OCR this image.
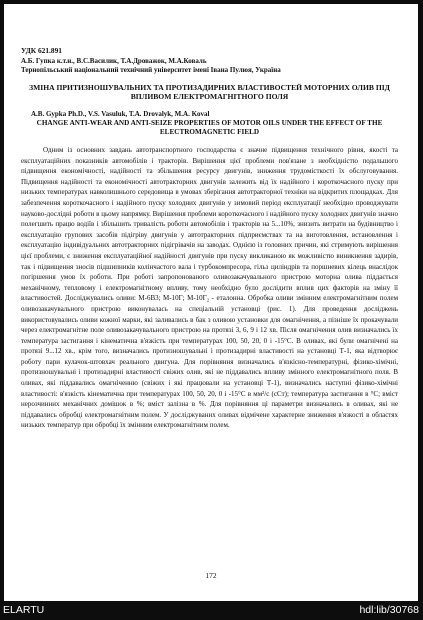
УДК 621.891

А.Б. Гупка к.т.н., В.С.Василик, Т.А.Дроважок, М.А.Коваль

Тернопільський національний технічний університет імені Івана Пулюя, Україна

ЗМІНА ПРИТИЗНОШУВАЛЬНИХ ТА ПРОТИЗАДИРНИХ ВЛАСТИВОСТЕЙ МОТОРНИХ ОЛИВ ПІД ВПЛИВОМ ЕЛЕКТРОМАГНІТНОГО ПОЛЯ

A.B. Gypka Ph.D., V.S. Vasuluk, T.A. Drovalyk, M.A. Koval

CHANGE ANTI-WEAR AND ANTI-SEIZE PROPERTIES OF MOTOR OILS UNDER THE EFFECT OF THE ELECTROMAGNETIC FIELD

Одним із основних завдань автотранспортного господарства є значне підвищення технічного рівня, якості та експлуатаційних показників автомобілів і тракторів. Вирішення цієї проблеми пов'язане з необхідністю подальшого підвищення економічності, надійності та збільшення ресурсу двигунів, зниження трудомісткості їх обслуговування. Підвищення надійності та економічності автотракторних двигунів залежить від їх надійного і короткочасного пуску при низьких температурах навколишнього середовища в умовах зберігання автотракторної техніки на відкритих площадках. Для забезпечення короткочасного і надійного пуску холодних двигунів у зимовий період експлуатації необхідно проводжувати науково-дослідні роботи в цьому напрямку. Вирішення проблеми короткочасного і надійного пуску холодних двигунів значно полегшить працю водіїв і збільшить тривалість роботи автомобілів і тракторів на 5...10%, знизить витрати на будівництво і експлуатацію групових засобів підігріву двигунів у автотракторних підприємствах та на виготовлення, встановлення і експлуатацію індивідуальних автотракторних підігрівачів на заводах. Однією із головних причин, які стримують вирішення цієї проблеми, є зниження експлуатаційної надійності двигунів при пуску викликаною як можливістю виникнення задирів, так і підвищення зносів підшипників колінчастого вала і турбокомпресора, гільз циліндрів та поршневих кілець внаслідок погіршення умов їх роботи. При роботі запропонованого оливозакачувального пристрою моторна олива піддається механічному, тепловому і електромагнітному впливу, тому необхідно було дослідити вплив цих факторів на зміну її властивостей. Досліджувались оливи: М-6В3; М-10Г; М-10Г₂ - еталонна. Обробка оливи змінним електромагнітним полем оливозакачувального пристрою виконувалась на спеціальній установці (рис. 1). Для проведення досліджень використовувались оливи кожної марки, які заливались в бак з оливою установки для омагнічення, а пізніше їх прокачували через електромагнітне поле оливозакачувального пристрою на протязі 3, 6, 9 і 12 хв. Після омагнічення олив визначались їх температура застигання і кінематична в'язкість при температурах 100, 50, 20, 0 і -15°С. В оливах, які були омагнічені на протязі 9...12 хв., крім того, визначались протизношувальні і протизадирні властивості на установці Т-1, яка відтворює роботу пари кулачок-штовхач реального двигуна. Для порівняння визначались в'язкісно-температурні, фізико-хімічні, протизношувальні і протизадирні властивості свіжих олив, які не піддавались впливу змінного електромагнітного поля. В оливах, які піддавались омагніченню (свіжих і які працювали на установці Т-1), визначались наступні фізико-хімічні властивості: в'язкість кінематична при температурах 100, 50, 20, 0 і -15°С в мм²/с (сСт); температура застигання в °С; вміст нерозчинних механічних домішок в %; вміст залізна в %. Для порівняння ці параметри визначались в оливах, які не піддавались обробці електромагнітним полем. У досліджуваних оливах відмічене характерне зниження в'язкості в областях низьких температур при обробці їх змінним електромагнітним полем.

172
ELARTU	hdl:lib/30768
